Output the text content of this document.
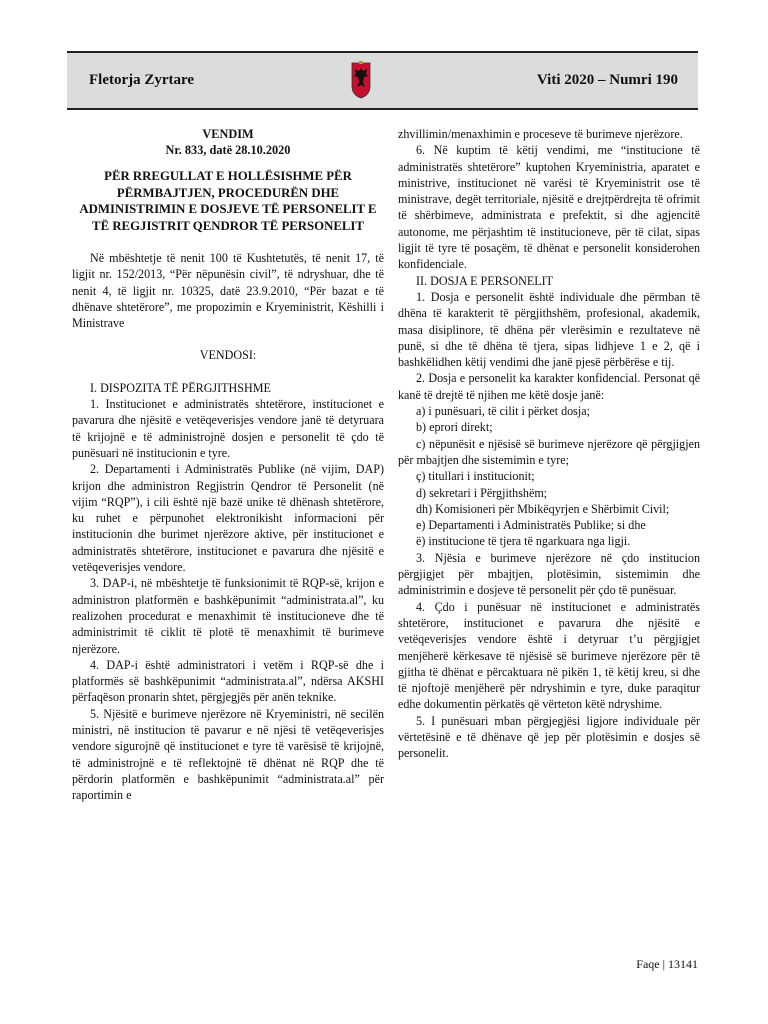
Fletorja Zyrtare	Viti 2020 – Numri 190

VENDIM

Nr. 833, datë 28.10.2020

PËR RREGULLAT E HOLLËSISHME PËR PËRMBAJTJEN, PROCEDURËN DHE ADMINISTRIMIN E DOSJEVE TË PERSONELIT E TË REGJISTRIT QENDROR TË PERSONELIT

Në mbështetje të nenit 100 të Kushtetutës, të nenit 17, të ligjit nr. 152/2013, “Për nëpunësin civil”, të ndryshuar, dhe të nenit 4, të ligjit nr. 10325, datë 23.9.2010, “Për bazat e të dhënave shtetërore”, me propozimin e Kryeministrit, Këshilli i Ministrave

VENDOSI:

I. DISPOZITA TË PËRGJITHSHME

1. Institucionet e administratës shtetërore, institucionet e pavarura dhe njësitë e vetëqeverisjes vendore janë të detyruara të krijojnë e të administrojnë dosjen e personelit të çdo të punësuari në institucionin e tyre.

2. Departamenti i Administratës Publike (në vijim, DAP) krijon dhe administron Regjistrin Qendror të Personelit (në vijim “RQP”), i cili është një bazë unike të dhënash shtetërore, ku ruhet e përpunohet elektronikisht informacioni për institucionin dhe burimet njerëzore aktive, për institucionet e administratës shtetërore, institucionet e pavarura dhe njësitë e vetëqeverisjes vendore.

3. DAP-i, në mbështetje të funksionimit të RQP-së, krijon e administron platformën e bashkëpunimit “administrata.al”, ku realizohen procedurat e menaxhimit të institucioneve dhe të administrimit të ciklit të plotë të menaxhimit të burimeve njerëzore.

4. DAP-i është administratori i vetëm i RQP-së dhe i platformës së bashkëpunimit “administrata.al”, ndërsa AKSHI përfaqëson pronarin shtet, përgjegjës për anën teknike.

5. Njësitë e burimeve njerëzore në Kryeministri, në secilën ministri, në institucion të pavarur e në njësi të vetëqeverisjes vendore sigurojnë që institucionet e tyre të varësisë të krijojnë, të administrojnë e të reflektojnë të dhënat në RQP dhe të përdorin platformën e bashkëpunimit “administrata.al” për raportimin e

zhvillimin/menaxhimin e proceseve të burimeve njerëzore.

6. Në kuptim të këtij vendimi, me “institucione të administratës shtetërore” kuptohen Kryeministria, aparatet e ministrive, institucionet në varësi të Kryeministrit ose të ministrave, degët territoriale, njësitë e drejtpërdrejta të ofrimit të shërbimeve, administrata e prefektit, si dhe agjencitë autonome, me përjashtim të institucioneve, për të cilat, sipas ligjit të tyre të posaçëm, të dhënat e personelit konsiderohen konfidenciale.

II. DOSJA E PERSONELIT

1. Dosja e personelit është individuale dhe përmban të dhëna të karakterit të përgjithshëm, profesional, akademik, masa disiplinore, të dhëna për vlerësimin e rezultateve në punë, si dhe të dhëna të tjera, sipas lidhjeve 1 e 2, që i bashkëlidhen këtij vendimi dhe janë pjesë përbërëse e tij.

2. Dosja e personelit ka karakter konfidencial. Personat që kanë të drejtë të njihen me këtë dosje janë:

a) i punësuari, të cilit i përket dosja;

b) eprori direkt;

c) nëpunësit e njësisë së burimeve njerëzore që përgjigjen për mbajtjen dhe sistemimin e tyre;

ç) titullari i institucionit;

d) sekretari i Përgjithshëm;

dh) Komisioneri për Mbikëqyrjen e Shërbimit Civil;

e) Departamenti i Administratës Publike; si dhe

ë) institucione të tjera të ngarkuara nga ligji.

3. Njësia e burimeve njerëzore në çdo institucion përgjigjet për mbajtjen, plotësimin, sistemimin dhe administrimin e dosjeve të personelit për çdo të punësuar.

4. Çdo i punësuar në institucionet e administratës shtetërore, institucionet e pavarura dhe njësitë e vetëqeverisjes vendore është i detyruar t’u përgjigjet menjëherë kërkesave të njësisë së burimeve njerëzore për të gjitha të dhënat e përcaktuara në pikën 1, të këtij kreu, si dhe të njoftojë menjëherë për ndryshimin e tyre, duke paraqitur edhe dokumentin përkatës që vërteton këtë ndryshime.

5. I punësuari mban përgjegjësi ligjore individuale për vërtetësinë e të dhënave që jep për plotësimin e dosjes së personelit.

Faqe | 13141
